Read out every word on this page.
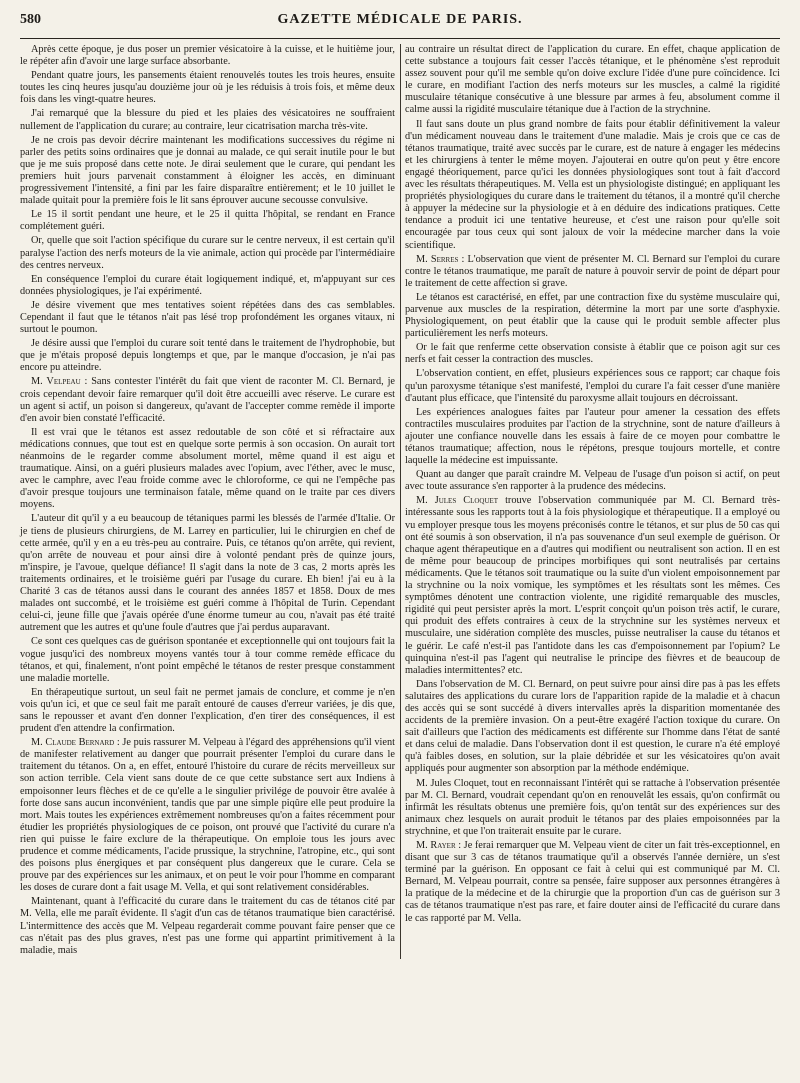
580	GAZETTE MÉDICALE DE PARIS.

Après cette époque, je dus poser un premier vésicatoire à la cuisse, et le huitième jour, le répéter afin d'avoir une large surface absorbante.

Pendant quatre jours, les pansements étaient renouvelés toutes les trois heures, ensuite toutes les cinq heures jusqu'au douzième jour où je les réduisis à trois fois, et même deux fois dans les vingt-quatre heures.

J'ai remarqué que la blessure du pied et les plaies des vésicatoires ne souffraient nullement de l'application du curare; au contraire, leur cicatrisation marcha très-vite.

Je ne crois pas devoir décrire maintenant les modifications successives du régime ni parler des petits soins ordinaires que je donnai au malade, ce qui serait inutile pour le but que je me suis proposé dans cette note. Je dirai seulement que le curare, qui pendant les premiers huit jours parvenait constamment à éloigner les accès, en diminuant progressivement l'intensité, a fini par les faire disparaître entièrement; et le 10 juillet le malade quitait pour la première fois le lit sans éprouver aucune secousse convulsive.

Le 15 il sortit pendant une heure, et le 25 il quitta l'hôpital, se rendant en France complétement guéri.

Or, quelle que soit l'action spécifique du curare sur le centre nerveux, il est certain qu'il paralyse l'action des nerfs moteurs de la vie animale, action qui procède par l'intermédiaire des centres nerveux.

En conséquence l'emploi du curare était logiquement indiqué, et, m'appuyant sur ces données physiologiques, je l'ai expérimenté.

Je désire vivement que mes tentatives soient répétées dans des cas semblables. Cependant il faut que le tétanos n'ait pas lésé trop profondément les organes vitaux, ni surtout le poumon.

Je désire aussi que l'emploi du curare soit tenté dans le traitement de l'hydrophobie, but que je m'étais proposé depuis longtemps et que, par le manque d'occasion, je n'ai pas encore pu atteindre.

M. Velpeau : Sans contester l'intérêt du fait que vient de raconter M. Cl. Bernard, je crois cependant devoir faire remarquer qu'il doit être accueilli avec réserve. Le curare est un agent si actif, un poison si dangereux, qu'avant de l'accepter comme remède il importe d'en avoir bien constaté l'efficacité.

Il est vrai que le tétanos est assez redoutable de son côté et si réfractaire aux médications connues, que tout est en quelque sorte permis à son occasion. On aurait tort néanmoins de le regarder comme absolument mortel, même quand il est aigu et traumatique. Ainsi, on a guéri plusieurs malades avec l'opium, avec l'éther, avec le musc, avec le camphre, avec l'eau froide comme avec le chloroforme, ce qui ne l'empêche pas d'avoir presque toujours une terminaison fatale, même quand on le traite par ces divers moyens.

L'auteur dit qu'il y a eu beaucoup de tétaniques parmi les blessés de l'armée d'Italie. Or je tiens de plusieurs chirurgiens, de M. Larrey en particulier, lui le chirurgien en chef de cette armée, qu'il y en a eu très-peu au contraire. Puis, ce tétanos qu'on arrête, qui revient, qu'on arrête de nouveau et pour ainsi dire à volonté pendant près de quinze jours, m'inspire, je l'avoue, quelque défiance! Il s'agit dans la note de 3 cas, 2 morts après les traitements ordinaires, et le troisième guéri par l'usage du curare. Eh bien! j'ai eu à la Charité 3 cas de tétanos aussi dans le courant des années 1857 et 1858. Doux de mes malades ont succombé, et le troisième est guéri comme à l'hôpital de Turin. Cependant celui-ci, jeune fille que j'avais opérée d'une énorme tumeur au cou, n'avait pas été traité autrement que les autres et qu'une foule d'autres que j'ai perdus auparavant.

Ce sont ces quelques cas de guérison spontanée et exceptionnelle qui ont toujours fait la vogue jusqu'ici des nombreux moyens vantés tour à tour comme remède efficace du tétanos, et qui, finalement, n'ont point empêché le tétanos de rester presque constamment une maladie mortelle.

En thérapeutique surtout, un seul fait ne permet jamais de conclure, et comme je n'en vois qu'un ici, et que ce seul fait me paraît entouré de causes d'erreur variées, je dis que, sans le repousser et avant d'en donner l'explication, d'en tirer des conséquences, il est prudent d'en attendre la confirmation.

M. Claude Bernard : Je puis rassurer M. Velpeau à l'égard des appréhensions qu'il vient de manifester relativement au danger que pourrait présenter l'emploi du curare dans le traitement du tétanos. On a, en effet, entouré l'histoire du curare de récits merveilleux sur son action terrible. Cela vient sans doute de ce que cette substance sert aux Indiens à empoisonner leurs flèches et de ce qu'elle a le singulier privilége de pouvoir être avalée à forte dose sans aucun inconvénient, tandis que par une simple piqûre elle peut produire la mort. Mais toutes les expériences extrêmement nombreuses qu'on a faites récemment pour étudier les propriétés physiologiques de ce poison, ont prouvé que l'activité du curare n'a rien qui puisse le faire exclure de la thérapeutique. On emploie tous les jours avec prudence et comme médicaments, l'acide prussique, la strychnine, l'atropine, etc., qui sont des poisons plus énergiques et par conséquent plus dangereux que le curare. Cela se prouve par des expériences sur les animaux, et on peut le voir pour l'homme en comparant les doses de curare dont a fait usage M. Vella, et qui sont relativement considérables.

Maintenant, quant à l'efficacité du curare dans le traitement du cas de tétanos cité par M. Vella, elle me paraît évidente. Il s'agit d'un cas de tétanos traumatique bien caractérisé. L'intermittence des accès que M. Velpeau regarderait comme pouvant faire penser que ce cas n'était pas des plus graves, n'est pas une forme qui appartint primitivement à la maladie, mais

au contraire un résultat direct de l'application du curare. En effet, chaque application de cette substance a toujours fait cesser l'accès tétanique, et le phénomène s'est reproduit assez souvent pour qu'il me semble qu'on doive exclure l'idée d'une pure coïncidence. Ici le curare, en modifiant l'action des nerfs moteurs sur les muscles, a calmé la rigidité musculaire tétanique consécutive à une blessure par armes à feu, absolument comme il calme aussi la rigidité musculaire tétanique due à l'action de la strychnine.

Il faut sans doute un plus grand nombre de faits pour établir définitivement la valeur d'un médicament nouveau dans le traitement d'une maladie. Mais je crois que ce cas de tétanos traumatique, traité avec succès par le curare, est de nature à engager les médecins et les chirurgiens à tenter le même moyen. J'ajouterai en outre qu'on peut y être encore engagé théoriquement, parce qu'ici les données physiologiques sont tout à fait d'accord avec les résultats thérapeutiques. M. Vella est un physiologiste distingué; en appliquant les propriétés physiologiques du curare dans le traitement du tétanos, il a montré qu'il cherche à appuyer la médecine sur la physiologie et à en déduire des indications pratiques. Cette tendance a produit ici une tentative heureuse, et c'est une raison pour qu'elle soit encouragée par tous ceux qui sont jaloux de voir la médecine marcher dans la voie scientifique.

M. Serres : L'observation que vient de présenter M. Cl. Bernard sur l'emploi du curare contre le tétanos traumatique, me paraît de nature à pouvoir servir de point de départ pour le traitement de cette affection si grave.

Le tétanos est caractérisé, en effet, par une contraction fixe du système musculaire qui, parvenue aux muscles de la respiration, détermine la mort par une sorte d'asphyxie. Physiologiquement, on peut établir que la cause qui le produit semble affecter plus particulièrement les nerfs moteurs.

Or le fait que renferme cette observation consiste à établir que ce poison agit sur ces nerfs et fait cesser la contraction des muscles.

L'observation contient, en effet, plusieurs expériences sous ce rapport; car chaque fois qu'un paroxysme tétanique s'est manifesté, l'emploi du curare l'a fait cesser d'une manière d'autant plus efficace, que l'intensité du paroxysme allait toujours en décroissant.

Les expériences analogues faites par l'auteur pour amener la cessation des effets contractiles musculaires produites par l'action de la strychnine, sont de nature d'ailleurs à ajouter une confiance nouvelle dans les essais à faire de ce moyen pour combattre le tétanos traumatique; affection, nous le répétons, presque toujours mortelle, et contre laquelle la médecine est impuissante.

Quant au danger que paraît craindre M. Velpeau de l'usage d'un poison si actif, on peut avec toute assurance s'en rapporter à la prudence des médecins.

M. Jules Cloquet trouve l'observation communiquée par M. Cl. Bernard très-intéressante sous les rapports tout à la fois physiologique et thérapeutique. Il a employé ou vu employer presque tous les moyens préconisés contre le tétanos, et sur plus de 50 cas qui ont été soumis à son observation, il n'a pas souvenance d'un seul exemple de guérison. Or chaque agent thérapeutique en a d'autres qui modifient ou neutralisent son action. Il en est de même pour beaucoup de principes morbifiques qui sont neutralisés par certains médicaments. Que le tétanos soit traumatique ou la suite d'un violent empoisonnement par la strychnine ou la noix vomique, les symptômes et les résultats sont les mêmes. Ces symptômes dénotent une contraction violente, une rigidité remarquable des muscles, rigidité qui peut persister après la mort. L'esprit conçoit qu'un poison très actif, le curare, qui produit des effets contraires à ceux de la strychnine sur les systèmes nerveux et musculaire, une sidération complète des muscles, puisse neutraliser la cause du tétanos et le guérir. Le café n'est-il pas l'antidote dans les cas d'empoisonnement par l'opium? Le quinquina n'est-il pas l'agent qui neutralise le principe des fièvres et de beaucoup de maladies intermittentes? etc.

Dans l'observation de M. Cl. Bernard, on peut suivre pour ainsi dire pas à pas les effets salutaires des applications du curare lors de l'apparition rapide de la maladie et à chacun des accès qui se sont succédé à divers intervalles après la disparition momentanée des accidents de la première invasion. On a peut-être exagéré l'action toxique du curare. On sait d'ailleurs que l'action des médicaments est différente sur l'homme dans l'état de santé et dans celui de maladie. Dans l'observation dont il est question, le curare n'a été employé qu'à faibles doses, en solution, sur la plaie débridée et sur les vésicatoires qu'on avait appliqués pour augmenter son absorption par la méthode endémique.

M. Jules Cloquet, tout en reconnaissant l'intérêt qui se rattache à l'observation présentée par M. Cl. Bernard, voudrait cependant qu'on en renouvelât les essais, qu'on confirmât ou infirmât les résultats obtenus une première fois, qu'on tentât sur des expériences sur des animaux chez lesquels on aurait produit le tétanos par des plaies empoisonnées par la strychnine, et que l'on traiterait ensuite par le curare.

M. Rayer : Je ferai remarquer que M. Velpeau vient de citer un fait très-exceptionnel, en disant que sur 3 cas de tétanos traumatique qu'il a observés l'année dernière, un s'est terminé par la guérison. En opposant ce fait à celui qui est communiqué par M. Cl. Bernard, M. Velpeau pourrait, contre sa pensée, faire supposer aux personnes étrangères à la pratique de la médecine et de la chirurgie que la proportion d'un cas de guérison sur 3 cas de tétanos traumatique n'est pas rare, et faire douter ainsi de l'efficacité du curare dans le cas rapporté par M. Vella.
